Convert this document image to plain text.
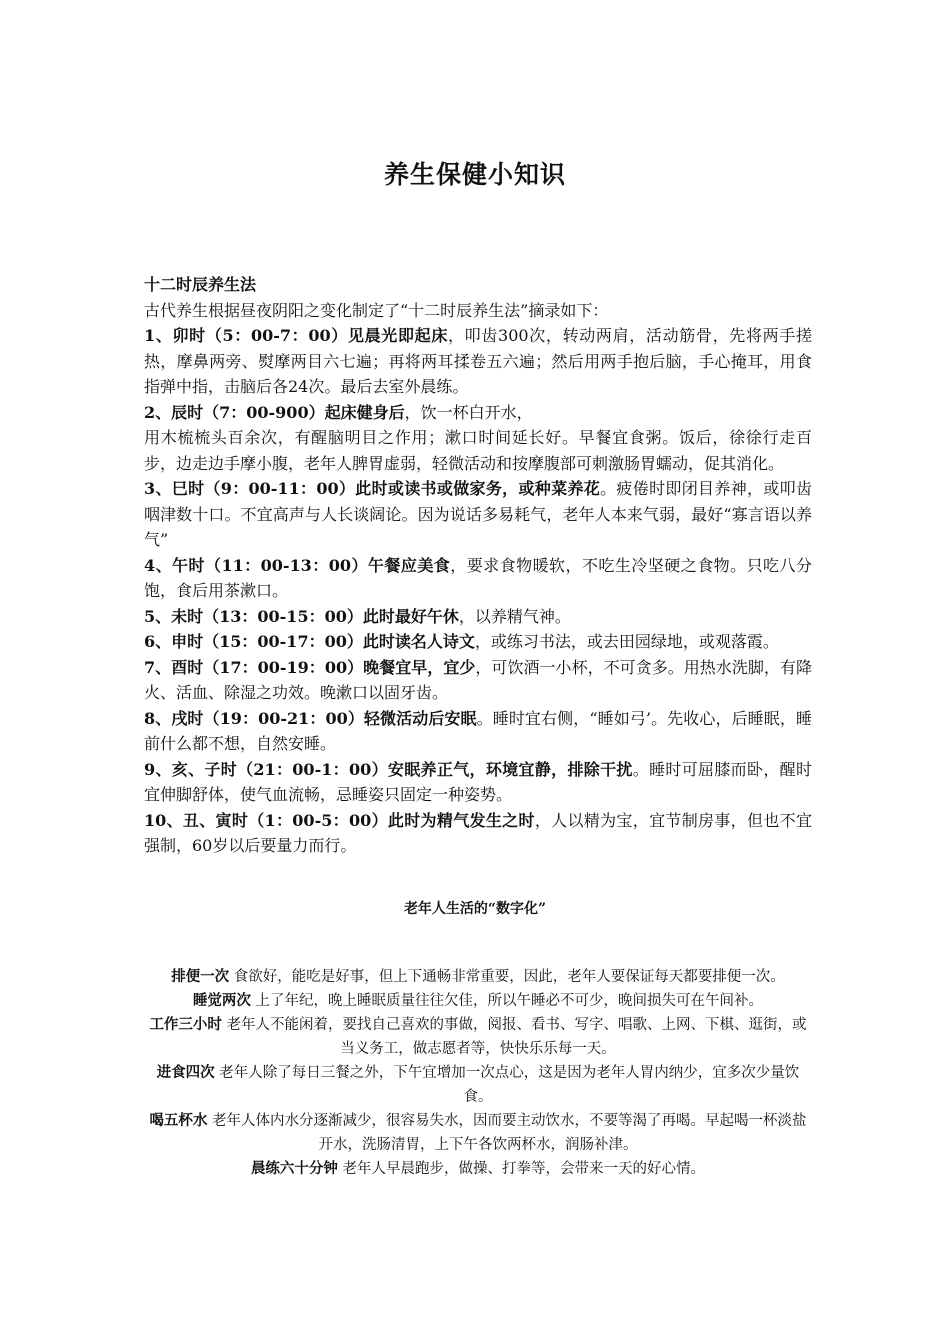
养生保健小知识

十二时辰养生法

古代养生根据昼夜阴阳之变化制定了“十二时辰养生法”摘录如下：

1、卯时（5：00-7：00）见晨光即起床，叩齿300次，转动两肩，活动筋骨，先将两手搓热，摩鼻两旁、熨摩两目六七遍；再将两耳揉卷五六遍；然后用两手抱后脑，手心掩耳，用食指弹中指，击脑后各24次。最后去室外晨练。

2、辰时（7：00-900）起床健身后，饮一杯白开水，

用木梳梳头百余次，有醒脑明目之作用；漱口时间延长好。早餐宜食粥。饭后，徐徐行走百步，边走边手摩小腹，老年人脾胃虚弱，轻微活动和按摩腹部可刺激肠胃蠕动，促其消化。

3、巳时（9：00-11：00）此时或读书或做家务，或种菜养花。疲倦时即闭目养神，或叩齿咽津数十口。不宜高声与人长谈阔论。因为说话多易耗气，老年人本来气弱，最好“寡言语以养气”

4、午时（11：00-13：00）午餐应美食，要求食物暖软，不吃生冷坚硬之食物。只吃八分饱，食后用茶漱口。

5、未时（13：00-15：00）此时最好午休，以养精气神。

6、申时（15：00-17：00）此时读名人诗文，或练习书法，或去田园绿地，或观落霞。

7、酉时（17：00-19：00）晚餐宜早，宜少，可饮酒一小杯，不可贪多。用热水洗脚，有降火、活血、除湿之功效。晚漱口以固牙齿。

8、戌时（19：00-21：00）轻微活动后安眠。睡时宜右侧，“睡如弓’。先收心，后睡眠，睡前什么都不想，自然安睡。

9、亥、子时（21：00-1：00）安眠养正气，环境宜静，排除干扰。睡时可屈膝而卧，醒时宜伸脚舒体，使气血流畅，忌睡姿只固定一种姿势。

10、丑、寅时（1：00-5：00）此时为精气发生之时，人以精为宝，宜节制房事，但也不宜强制，60岁以后要量力而行。

老年人生活的“数字化”

排便一次 食欲好，能吃是好事，但上下通畅非常重要，因此，老年人要保证每天都要排便一次。

睡觉两次 上了年纪，晚上睡眠质量往往欠佳，所以午睡必不可少，晚间损失可在午间补。

工作三小时 老年人不能闲着，要找自己喜欢的事做，阅报、看书、写字、唱歌、上网、下棋、逛街，或当义务工，做志愿者等，快快乐乐每一天。

进食四次 老年人除了每日三餐之外，下午宜增加一次点心，这是因为老年人胃内纳少，宜多次少量饮食。

喝五杯水 老年人体内水分逐渐减少，很容易失水，因而要主动饮水，不要等渴了再喝。早起喝一杯淡盐开水，洗肠清胃，上下午各饮两杯水，润肠补津。

晨练六十分钟 老年人早晨跑步，做操、打拳等，会带来一天的好心情。
